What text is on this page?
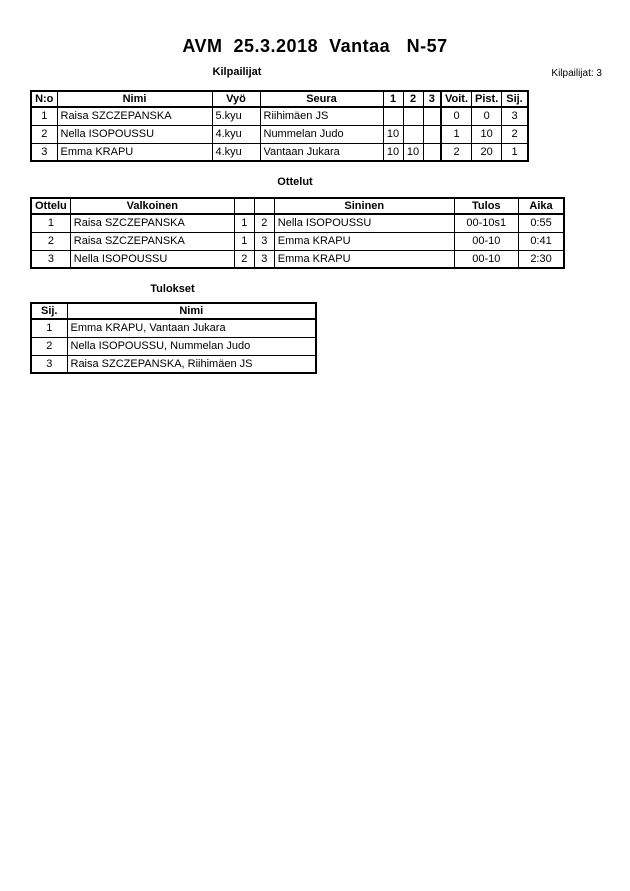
AVM  25.3.2018  Vantaa   N-57
Kilpailijat	Kilpailijat: 3
N:o	Nimi	Vyö	Seura	1	2	3	Voit.	Pist.	Sij.
1	Raisa SZCZEPANSKA	5.kyu	Riihimäen JS				0	0	3
2	Nella ISOPOUSSU	4.kyu	Nummelan Judo	10			1	10	2
3	Emma KRAPU	4.kyu	Vantaan Jukara	10	10		2	20	1
Ottelut
Ottelu	Valkoinen			Sininen	Tulos	Aika
1	Raisa SZCZEPANSKA	1	2	Nella ISOPOUSSU	00-10s1	0:55
2	Raisa SZCZEPANSKA	1	3	Emma KRAPU	00-10	0:41
3	Nella ISOPOUSSU	2	3	Emma KRAPU	00-10	2:30
Tulokset
Sij.	Nimi
1	Emma KRAPU, Vantaan Jukara
2	Nella ISOPOUSSU, Nummelan Judo
3	Raisa SZCZEPANSKA, Riihimäen JS
